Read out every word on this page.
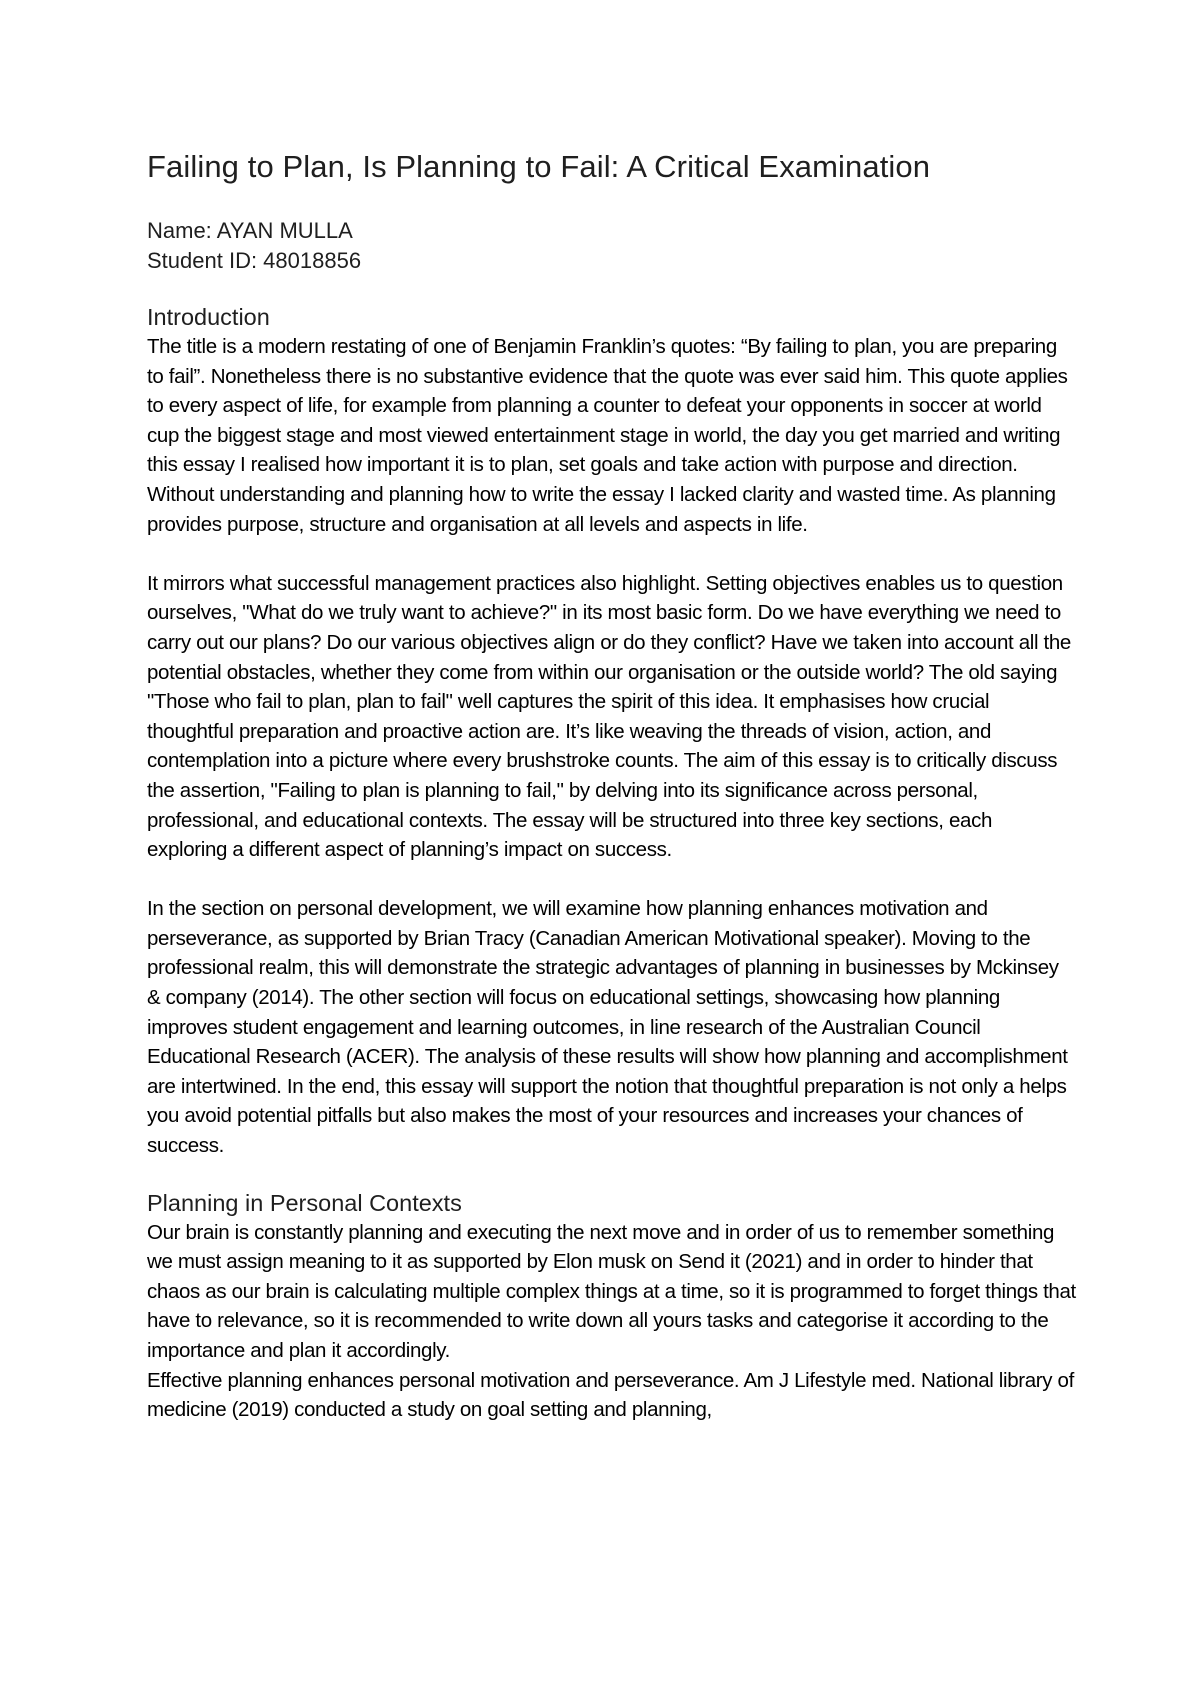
Failing to Plan, Is Planning to Fail: A Critical Examination

Name: AYAN MULLA

Student ID: 48018856

Introduction

The title is a modern restating of one of Benjamin Franklin’s quotes: “By failing to plan, you are preparing to fail”. Nonetheless there is no substantive evidence that the quote was ever said him. This quote applies to every aspect of life, for example from planning a counter to defeat your opponents in soccer at world cup the biggest stage and most viewed entertainment stage in world, the day you get married and writing this essay I realised how important it is to plan, set goals and take action with purpose and direction. Without understanding and planning how to write the essay I lacked clarity and wasted time. As planning provides purpose, structure and organisation at all levels and aspects in life.

It mirrors what successful management practices also highlight. Setting objectives enables us to question ourselves, "What do we truly want to achieve?" in its most basic form. Do we have everything we need to carry out our plans? Do our various objectives align or do they conflict? Have we taken into account all the potential obstacles, whether they come from within our organisation or the outside world? The old saying "Those who fail to plan, plan to fail" well captures the spirit of this idea. It emphasises how crucial thoughtful preparation and proactive action are. It’s like weaving the threads of vision, action, and contemplation into a picture where every brushstroke counts. The aim of this essay is to critically discuss the assertion, "Failing to plan is planning to fail," by delving into its significance across personal, professional, and educational contexts. The essay will be structured into three key sections, each exploring a different aspect of planning’s impact on success.

In the section on personal development, we will examine how planning enhances motivation and perseverance, as supported by Brian Tracy (Canadian American Motivational speaker). Moving to the professional realm, this will demonstrate the strategic advantages of planning in businesses by Mckinsey & company (2014). The other section will focus on educational settings, showcasing how planning improves student engagement and learning outcomes, in line research of the Australian Council Educational Research (ACER). The analysis of these results will show how planning and accomplishment are intertwined. In the end, this essay will support the notion that thoughtful preparation is not only a helps you avoid potential pitfalls but also makes the most of your resources and increases your chances of success.

Planning in Personal Contexts

Our brain is constantly planning and executing the next move and in order of us to remember something we must assign meaning to it as supported by Elon musk on Send it (2021) and in order to hinder that chaos as our brain is calculating multiple complex things at a time, so it is programmed to forget things that have to relevance, so it is recommended to write down all yours tasks and categorise it according to the importance and plan it accordingly.

Effective planning enhances personal motivation and perseverance. Am J Lifestyle med. National library of medicine (2019) conducted a study on goal setting and planning,
